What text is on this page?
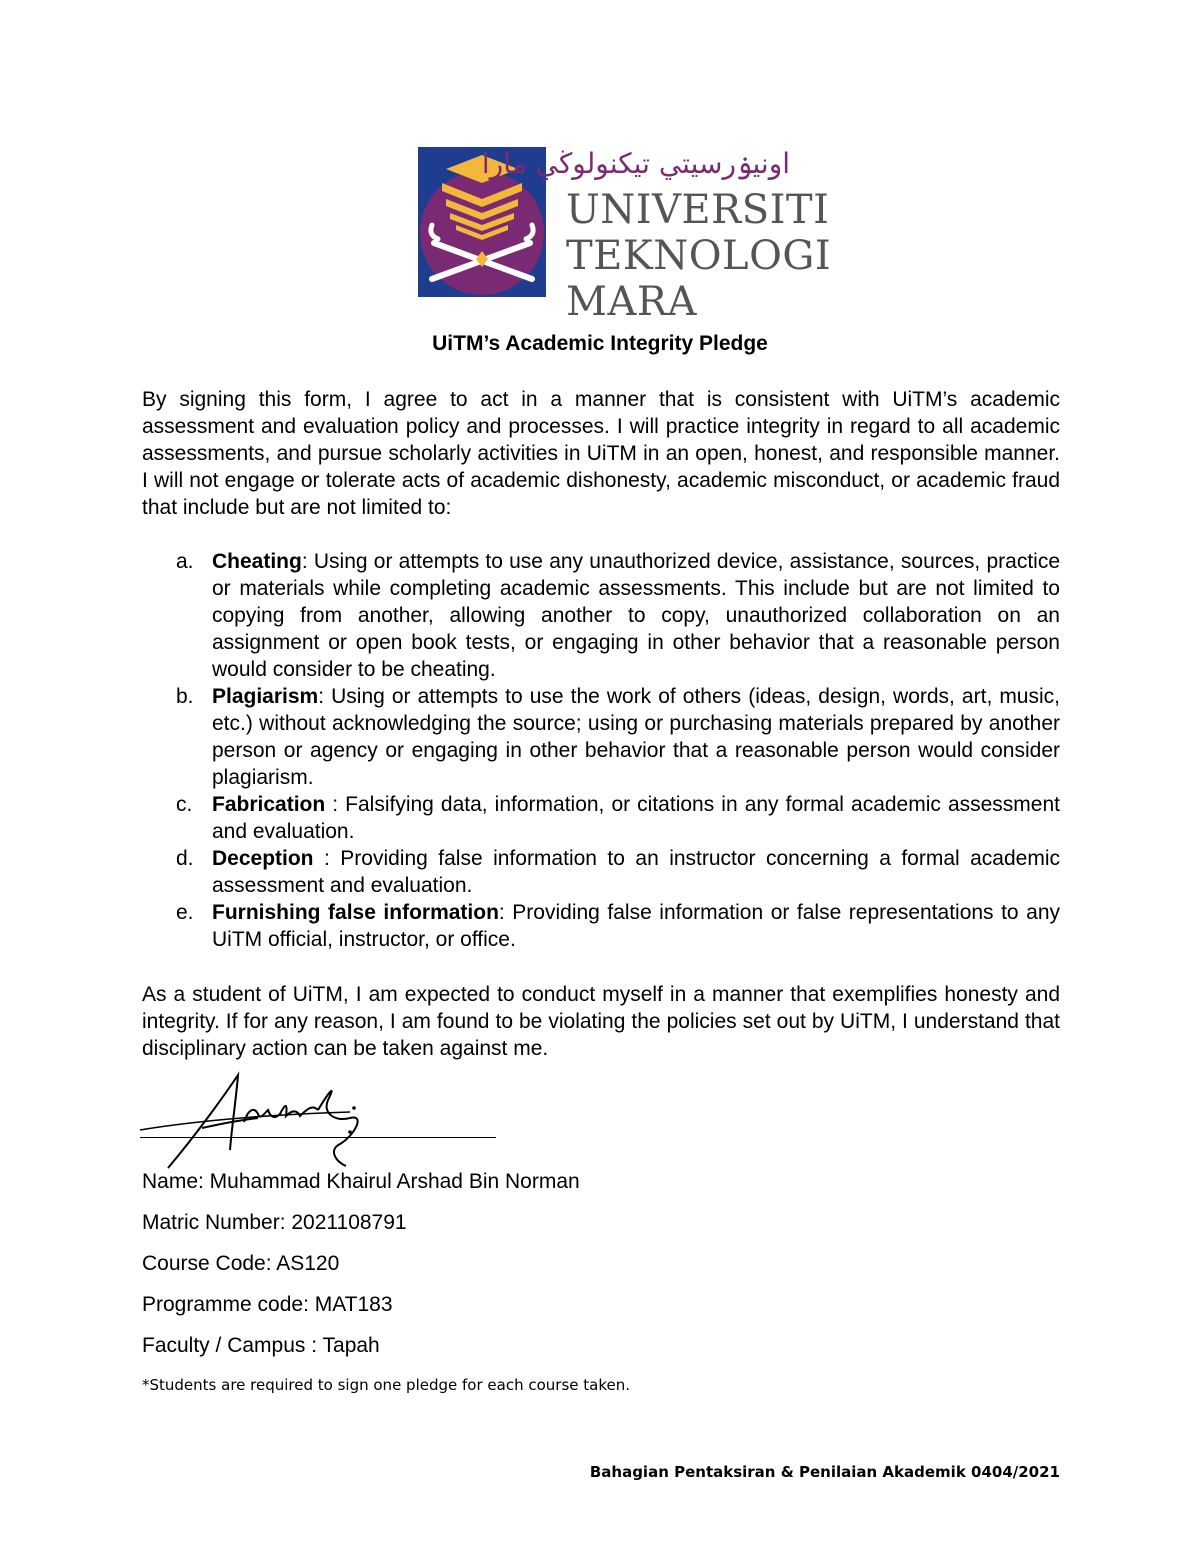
اونيۏرسيتي تيكنولوڬي مارا
UNIVERSITI
TEKNOLOGI
MARA
UiTM’s Academic Integrity Pledge
By signing this form, I agree to act in a manner that is consistent with UiTM’s academic assessment and evaluation policy and processes. I will practice integrity in regard to all academic assessments, and pursue scholarly activities in UiTM in an open, honest, and responsible manner. I will not engage or tolerate acts of academic dishonesty, academic misconduct, or academic fraud that include but are not limited to:
a. Cheating: Using or attempts to use any unauthorized device, assistance, sources, practice or materials while completing academic assessments. This include but are not limited to copying from another, allowing another to copy, unauthorized collaboration on an assignment or open book tests, or engaging in other behavior that a reasonable person would consider to be cheating.
b. Plagiarism: Using or attempts to use the work of others (ideas, design, words, art, music, etc.) without acknowledging the source; using or purchasing materials prepared by another person or agency or engaging in other behavior that a reasonable person would consider plagiarism.
c. Fabrication : Falsifying data, information, or citations in any formal academic assessment and evaluation.
d. Deception : Providing false information to an instructor concerning a formal academic assessment and evaluation.
e. Furnishing false information: Providing false information or false representations to any UiTM official, instructor, or office.
As a student of UiTM, I am expected to conduct myself in a manner that exemplifies honesty and integrity. If for any reason, I am found to be violating the policies set out by UiTM, I understand that disciplinary action can be taken against me.
Name: Muhammad Khairul Arshad Bin Norman
Matric Number: 2021108791
Course Code: AS120
Programme code: MAT183
Faculty / Campus : Tapah
*Students are required to sign one pledge for each course taken.
Bahagian Pentaksiran & Penilaian Akademik 0404/2021
